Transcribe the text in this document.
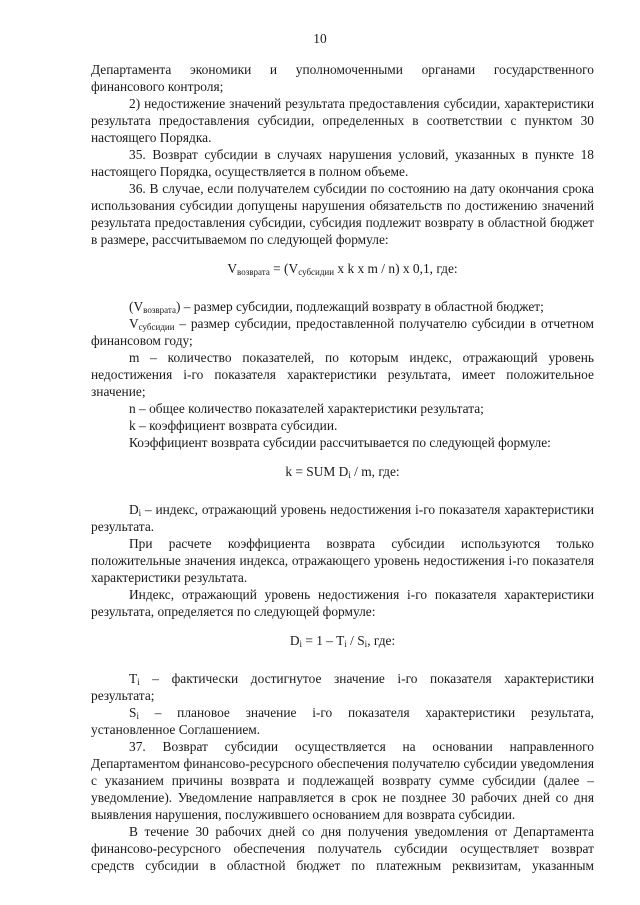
10

Департамента экономики и уполномоченными органами государственного финансового контроля;

2) недостижение значений результата предоставления субсидии, характеристики результата предоставления субсидии, определенных в соответствии с пунктом 30 настоящего Порядка.

35. Возврат субсидии в случаях нарушения условий, указанных в пункте 18 настоящего Порядка, осуществляется в полном объеме.

36. В случае, если получателем субсидии по состоянию на дату окончания срока использования субсидии допущены нарушения обязательств по достижению значений результата предоставления субсидии, субсидия подлежит возврату в областной бюджет в размере, рассчитываемом по следующей формуле:

$V_{возврата} = (V_{субсидии}$ x k x m / n) x 0,1, где:

$(V_{возврата})$ – размер субсидии, подлежащий возврату в областной бюджет;

$V_{субсидии}$ – размер субсидии, предоставленной получателю субсидии в отчетном финансовом году;

m – количество показателей, по которым индекс, отражающий уровень недостижения i-го показателя характеристики результата, имеет положительное значение;

n – общее количество показателей характеристики результата;

k – коэффициент возврата субсидии.

Коэффициент возврата субсидии рассчитывается по следующей формуле:

k = SUM $D_i$ / m, где:

$D_i$ – индекс, отражающий уровень недостижения i-го показателя характеристики результата.

При расчете коэффициента возврата субсидии используются только положительные значения индекса, отражающего уровень недостижения i-го показателя характеристики результата.

Индекс, отражающий уровень недостижения i-го показателя характеристики результата, определяется по следующей формуле:

$D_i = 1 - T_i / S_i$, где:

$T_i$ – фактически достигнутое значение i-го показателя характеристики результата;

$S_i$ – плановое значение i-го показателя характеристики результата, установленное Соглашением.

37. Возврат субсидии осуществляется на основании направленного Департаментом финансово-ресурсного обеспечения получателю субсидии уведомления с указанием причины возврата и подлежащей возврату сумме субсидии (далее – уведомление). Уведомление направляется в срок не позднее 30 рабочих дней со дня выявления нарушения, послужившего основанием для возврата субсидии.

В течение 30 рабочих дней со дня получения уведомления от Департамента финансово-ресурсного обеспечения получатель субсидии осуществляет возврат средств субсидии в областной бюджет по платежным реквизитам, указанным
